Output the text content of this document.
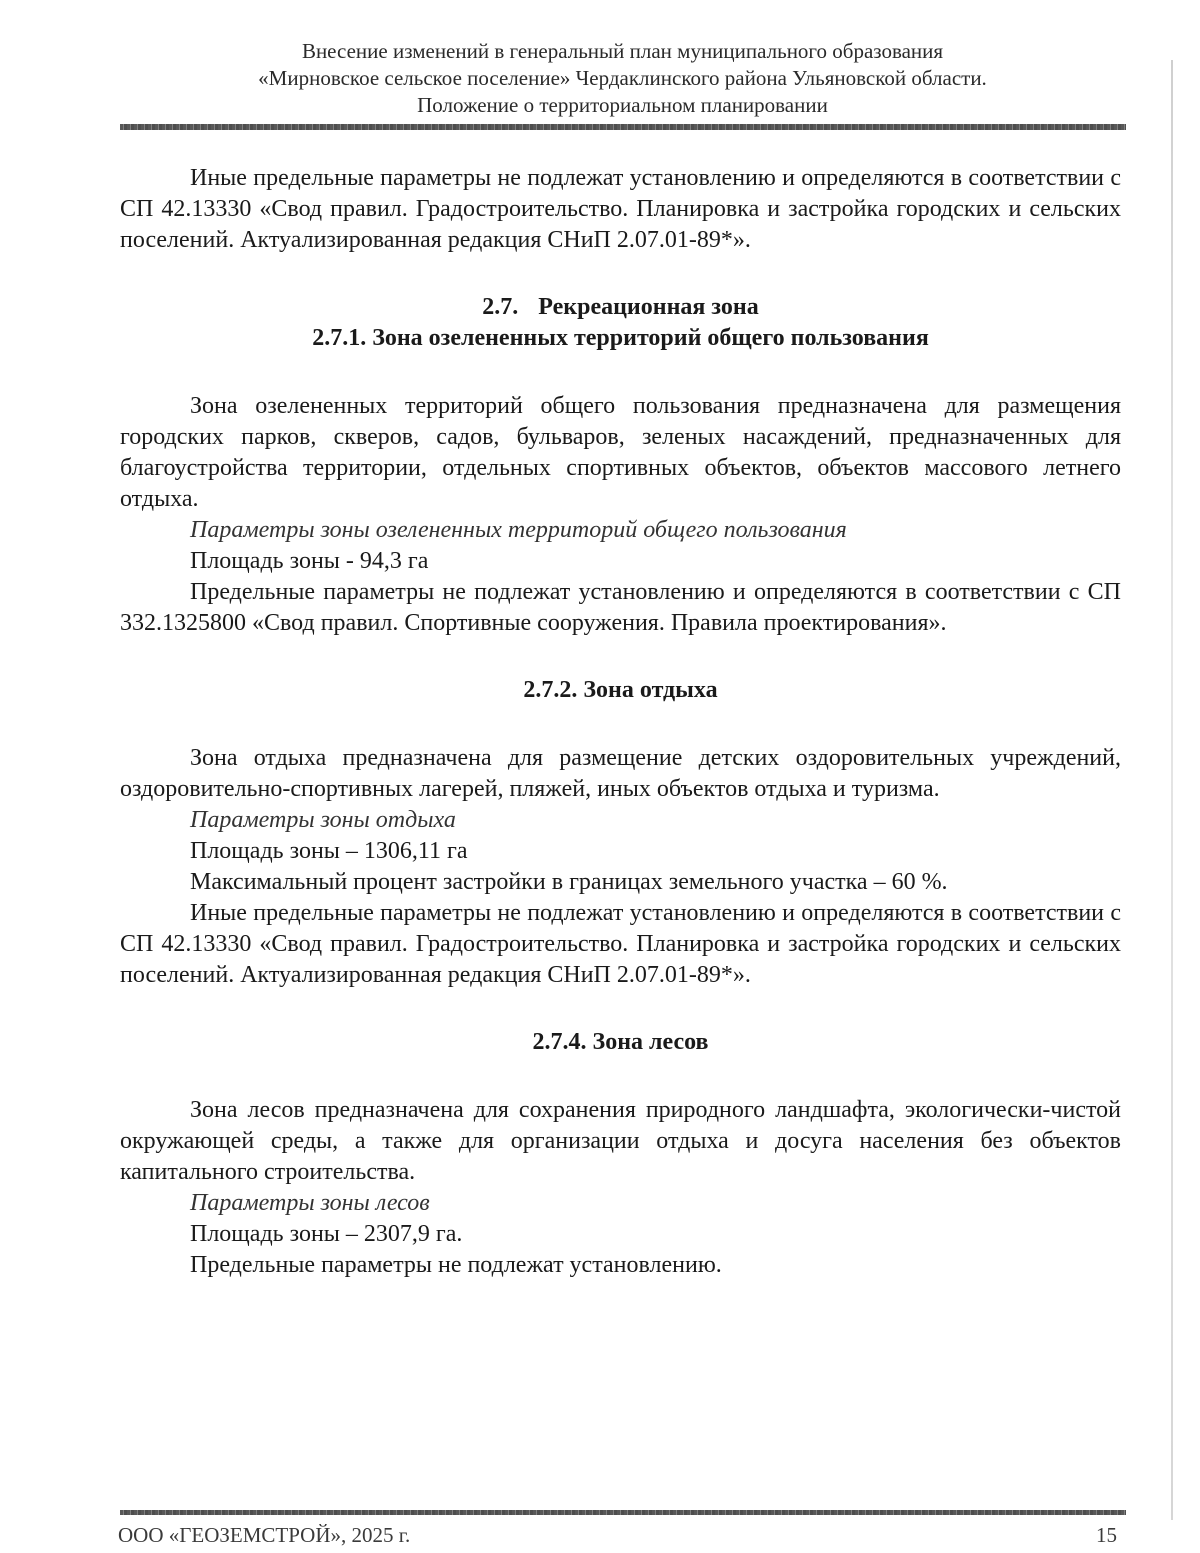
Внесение изменений в генеральный план муниципального образования
«Мирновское сельское поселение» Чердаклинского района Ульяновской области.
Положение о территориальном планировании

Иные предельные параметры не подлежат установлению и определяются в соответствии с СП 42.13330 «Свод правил. Градостроительство. Планировка и застройка городских и сельских поселений. Актуализированная редакция СНиП 2.07.01-89*».

2.7. Рекреационная зона
2.7.1. Зона озелененных территорий общего пользования

Зона озелененных территорий общего пользования предназначена для размещения городских парков, скверов, садов, бульваров, зеленых насаждений, предназначенных для благоустройства территории, отдельных спортивных объектов, объектов массового летнего отдыха.

Параметры зоны озелененных территорий общего пользования
Площадь зоны - 94,3 га

Предельные параметры не подлежат установлению и определяются в соответствии с СП 332.1325800 «Свод правил. Спортивные сооружения. Правила проектирования».

2.7.2. Зона отдыха

Зона отдыха предназначена для размещение детских оздоровительных учреждений, оздоровительно-спортивных лагерей, пляжей, иных объектов отдыха и туризма.

Параметры зоны отдыха
Площадь зоны – 1306,11 га
Максимальный процент застройки в границах земельного участка – 60 %.

Иные предельные параметры не подлежат установлению и определяются в соответствии с СП 42.13330 «Свод правил. Градостроительство. Планировка и застройка городских и сельских поселений. Актуализированная редакция СНиП 2.07.01-89*».

2.7.4. Зона лесов

Зона лесов предназначена для сохранения природного ландшафта, экологически-чистой окружающей среды, а также для организации отдыха и досуга населения без объектов капитального строительства.

Параметры зоны лесов
Площадь зоны – 2307,9 га.
Предельные параметры не подлежат установлению.
ООО «ГЕОЗЕМСТРОЙ», 2025 г.	15
